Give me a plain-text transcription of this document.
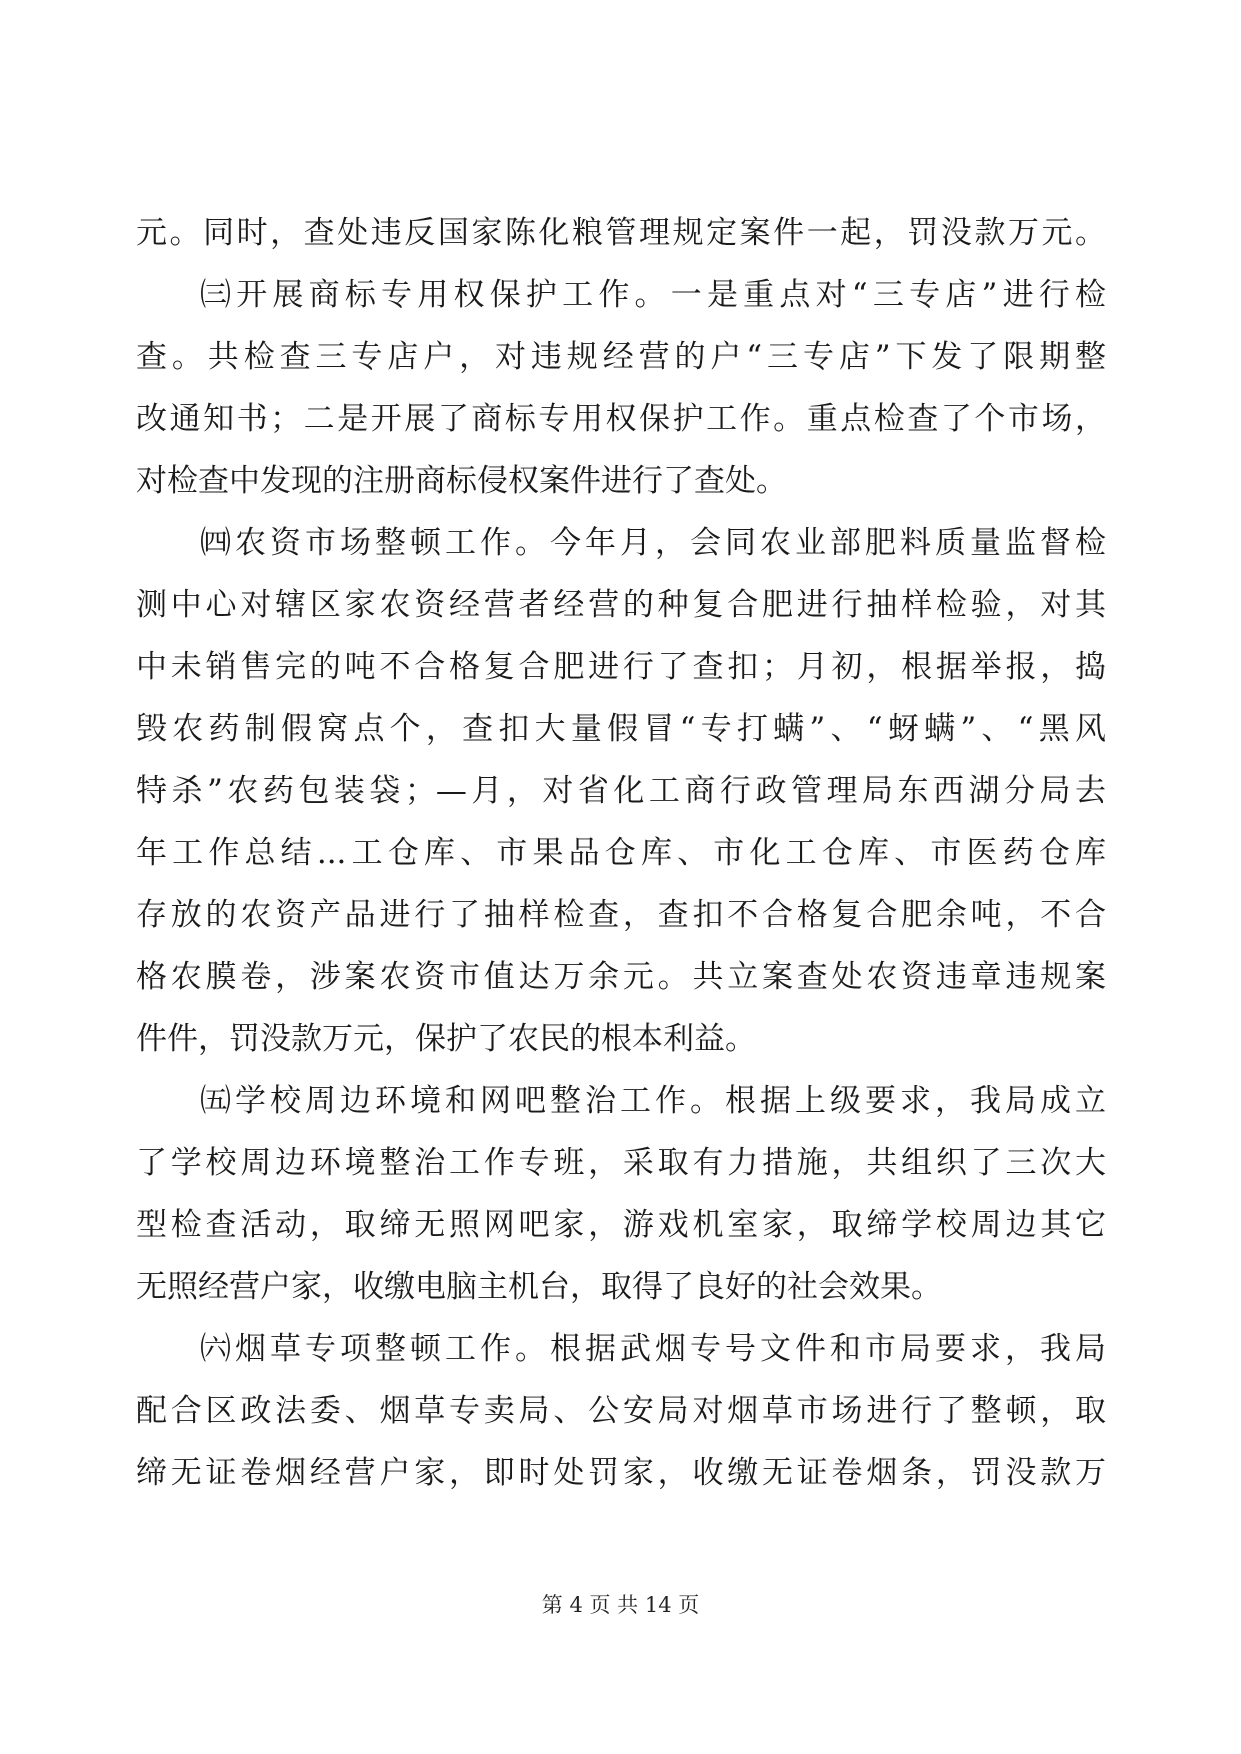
元。同时，查处违反国家陈化粮管理规定案件一起，罚没款万元。
㈢开展商标专用权保护工作。一是重点对“三专店”进行检
查。共检查三专店户，对违规经营的户“三专店”下发了限期整
改通知书；二是开展了商标专用权保护工作。重点检查了个市场，
对检查中发现的注册商标侵权案件进行了查处。
㈣农资市场整顿工作。今年月，会同农业部肥料质量监督检
测中心对辖区家农资经营者经营的种复合肥进行抽样检验，对其
中未销售完的吨不合格复合肥进行了查扣；月初，根据举报，捣
毁农药制假窝点个，查扣大量假冒“专打螨”、“蚜螨”、“黑风
特杀”农药包装袋；—月，对省化工商行政管理局东西湖分局去
年工作总结...工仓库、市果品仓库、市化工仓库、市医药仓库
存放的农资产品进行了抽样检查，查扣不合格复合肥余吨，不合
格农膜卷，涉案农资市值达万余元。共立案查处农资违章违规案
件件，罚没款万元，保护了农民的根本利益。
㈤学校周边环境和网吧整治工作。根据上级要求，我局成立
了学校周边环境整治工作专班，采取有力措施，共组织了三次大
型检查活动，取缔无照网吧家，游戏机室家，取缔学校周边其它
无照经营户家，收缴电脑主机台，取得了良好的社会效果。
㈥烟草专项整顿工作。根据武烟专号文件和市局要求，我局
配合区政法委、烟草专卖局、公安局对烟草市场进行了整顿，取
缔无证卷烟经营户家，即时处罚家，收缴无证卷烟条，罚没款万
第 4 页 共 14 页
